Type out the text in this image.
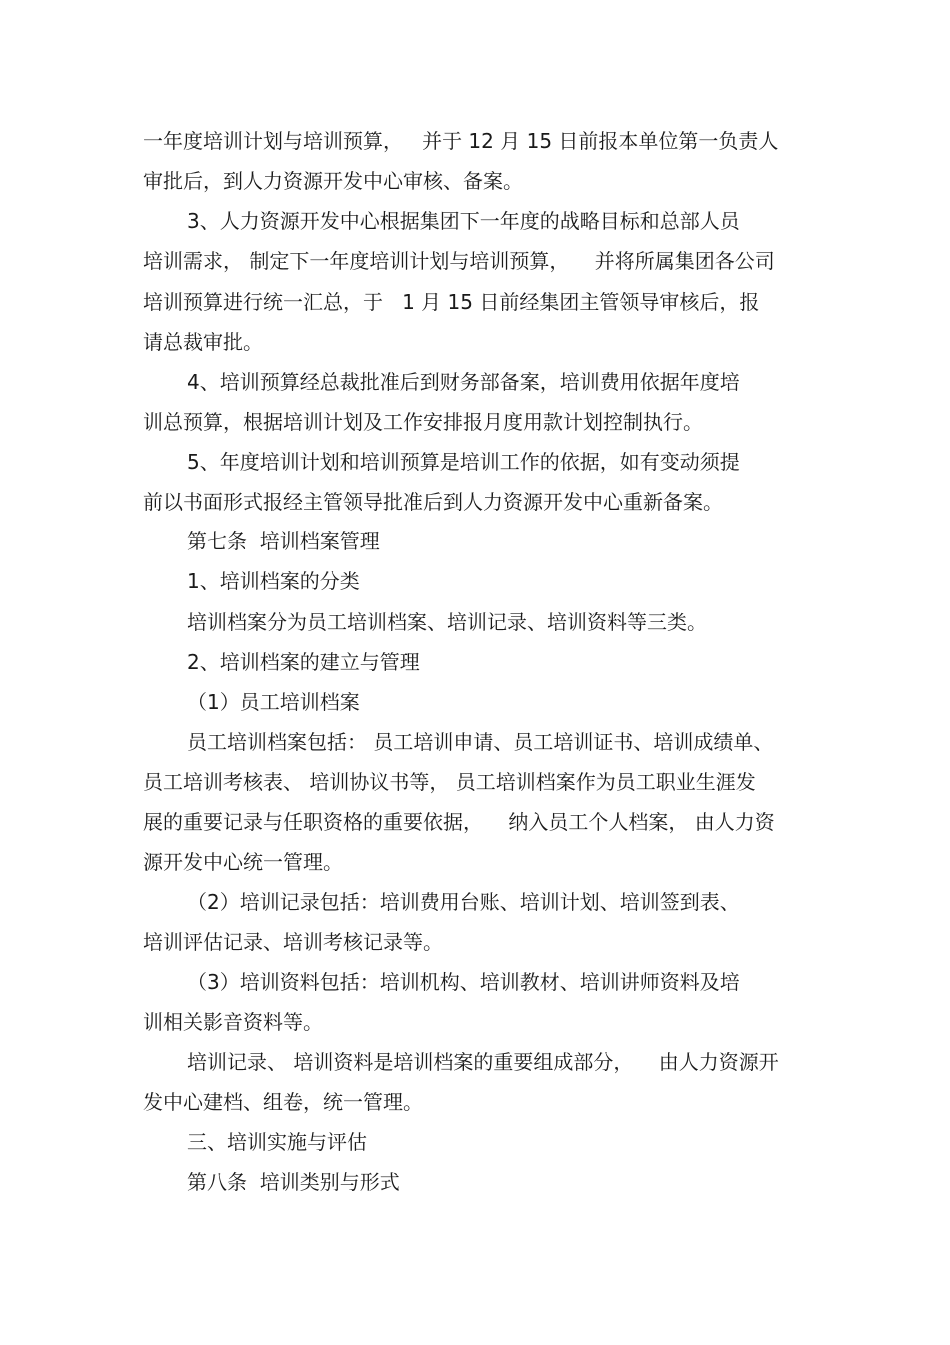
一年度培训计划与培训预算，   并于 12 月 15 日前报本单位第一负责人
审批后，到人力资源开发中心审核、备案。
3、人力资源开发中心根据集团下一年度的战略目标和总部人员
培训需求， 制定下一年度培训计划与培训预算，    并将所属集团各公司
培训预算进行统一汇总，于   1 月 15 日前经集团主管领导审核后，报
请总裁审批。
4、培训预算经总裁批准后到财务部备案，培训费用依据年度培
训总预算，根据培训计划及工作安排报月度用款计划控制执行。
5、年度培训计划和培训预算是培训工作的依据，如有变动须提
前以书面形式报经主管领导批准后到人力资源开发中心重新备案。
第七条  培训档案管理
1、培训档案的分类
培训档案分为员工培训档案、培训记录、培训资料等三类。
2、培训档案的建立与管理
（1）员工培训档案
员工培训档案包括： 员工培训申请、员工培训证书、培训成绩单、
员工培训考核表、 培训协议书等， 员工培训档案作为员工职业生涯发
展的重要记录与任职资格的重要依据，    纳入员工个人档案， 由人力资
源开发中心统一管理。
（2）培训记录包括：培训费用台账、培训计划、培训签到表、
培训评估记录、培训考核记录等。
（3）培训资料包括：培训机构、培训教材、培训讲师资料及培
训相关影音资料等。
培训记录、 培训资料是培训档案的重要组成部分，    由人力资源开
发中心建档、组卷，统一管理。
三、培训实施与评估
第八条  培训类别与形式
